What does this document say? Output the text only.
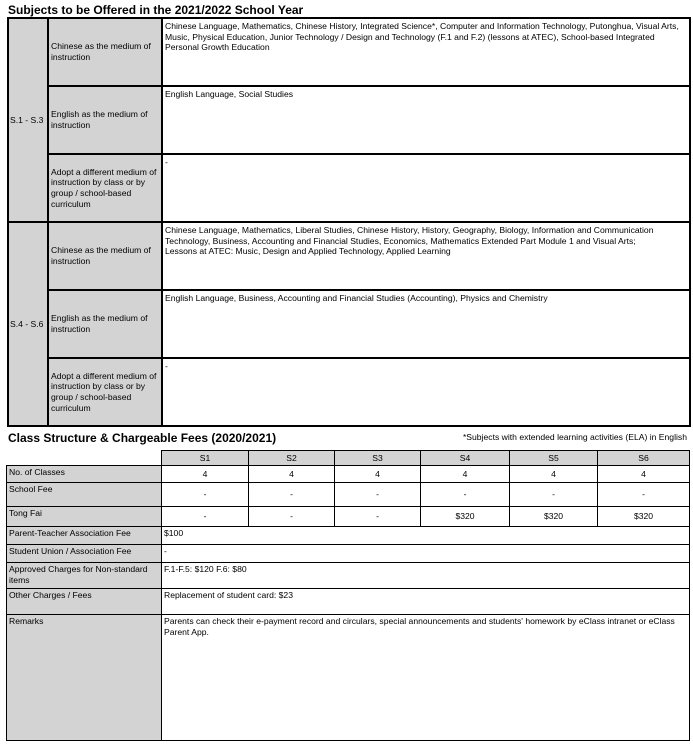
Subjects to be Offered in the 2021/2022 School Year
S.1 - S.3	Chinese as the medium of instruction	Chinese Language, Mathematics, Chinese History, Integrated Science*, Computer and Information Technology, Putonghua, Visual Arts, Music, Physical Education, Junior Technology / Design and Technology (F.1 and F.2) (lessons at ATEC), School-based Integrated Personal Growth Education
	English as the medium of instruction	English Language, Social Studies
	Adopt a different medium of instruction by class or by group / school-based curriculum	-
S.4 - S.6	Chinese as the medium of instruction	Chinese Language, Mathematics, Liberal Studies, Chinese History, History, Geography, Biology, Information and Communication Technology, Business, Accounting and Financial Studies, Economics, Mathematics Extended Part Module 1 and Visual Arts;
Lessons at ATEC: Music, Design and Applied Technology, Applied Learning
	English as the medium of instruction	English Language, Business, Accounting and Financial Studies (Accounting), Physics and Chemistry
	Adopt a different medium of instruction by class or by group / school-based curriculum	-
Class Structure & Chargeable Fees (2020/2021)	*Subjects with extended learning activities (ELA) in English
	S1	S2	S3	S4	S5	S6
No. of Classes	4	4	4	4	4	4
School Fee	-	-	-	-	-	-
Tong Fai	-	-	-	$320	$320	$320
Parent-Teacher Association Fee	$100					
Student Union / Association Fee	-					
Approved Charges for Non-standard items	F.1-F.5: $120 F.6: $80					
Other Charges / Fees	Replacement of student card: $23					
Remarks	Parents can check their e-payment record and circulars, special announcements and students' homework by eClass intranet or eClass Parent App.					
